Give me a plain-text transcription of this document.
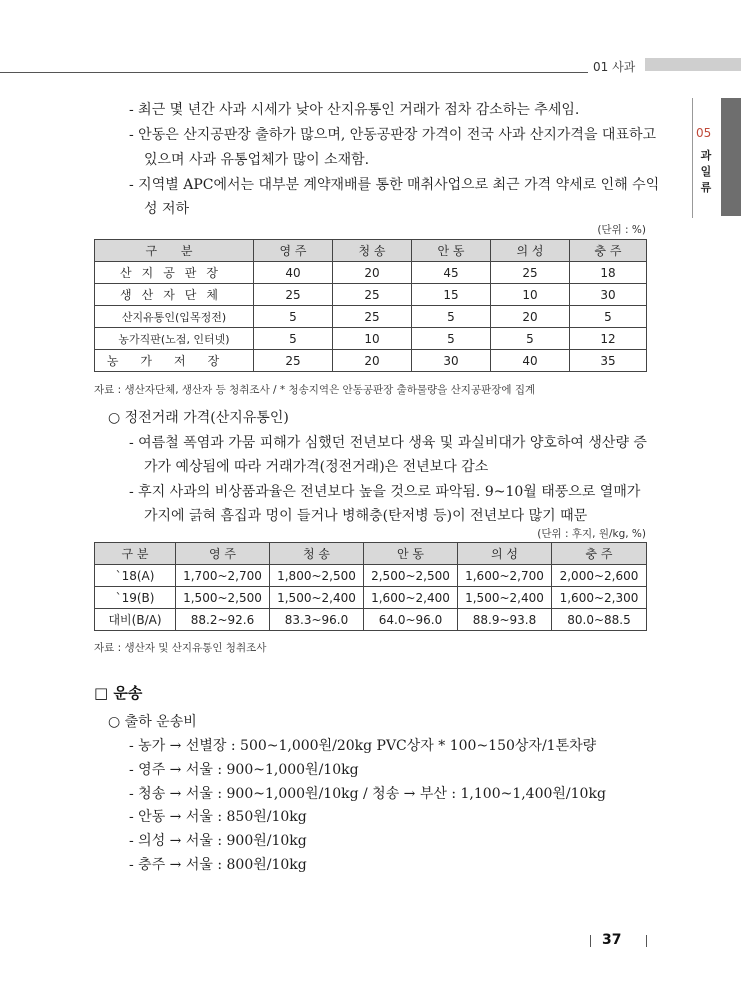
01 사과
05
과
일
류
- 최근 몇 년간 사과 시세가 낮아 산지유통인 거래가 점차 감소하는 추세임.
- 안동은 산지공판장 출하가 많으며, 안동공판장 가격이 전국 사과 산지가격을 대표하고
있으며 사과 유통업체가 많이 소재함.
- 지역별 APC에서는 대부분 계약재배를 통한 매취사업으로 최근 가격 약세로 인해 수익
성 저하
(단위 : %)
구 분	영 주	청 송	안 동	의 성	충 주
산지공판장	40	20	45	25	18
생산자단체	25	25	15	10	30
산지유통인(입목정전)	5	25	5	20	5
농가직판(노점, 인터넷)	5	10	5	5	12
농가저장	25	20	30	40	35
자료 : 생산자단체, 생산자 등 청취조사 / * 청송지역은 안동공판장 출하물량을 산지공판장에 집계
○ 정전거래 가격(산지유통인)
- 여름철 폭염과 가뭄 피해가 심했던 전년보다 생육 및 과실비대가 양호하여 생산량 증
가가 예상됨에 따라 거래가격(정전거래)은 전년보다 감소
- 후지 사과의 비상품과율은 전년보다 높을 것으로 파악됨. 9~10월 태풍으로 열매가
가지에 긁혀 흠집과 멍이 들거나 병해충(탄저병 등)이 전년보다 많기 때문
(단위 : 후지, 원/kg, %)
구 분	영 주	청 송	안 동	의 성	충 주
`18(A)	1,700~2,700	1,800~2,500	2,500~2,500	1,600~2,700	2,000~2,600
`19(B)	1,500~2,500	1,500~2,400	1,600~2,400	1,500~2,400	1,600~2,300
대비(B/A)	88.2~92.6	83.3~96.0	64.0~96.0	88.9~93.8	80.0~88.5
자료 : 생산자 및 산지유통인 청취조사
□ 운송
○ 출하 운송비
- 농가 → 선별장 : 500~1,000원/20kg PVC상자 * 100~150상자/1톤차량
- 영주 → 서울 : 900~1,000원/10kg
- 청송 → 서울 : 900~1,000원/10kg / 청송 → 부산 : 1,100~1,400원/10kg
- 안동 → 서울 : 850원/10kg
- 의성 → 서울 : 900원/10kg
- 충주 → 서울 : 800원/10kg
37
